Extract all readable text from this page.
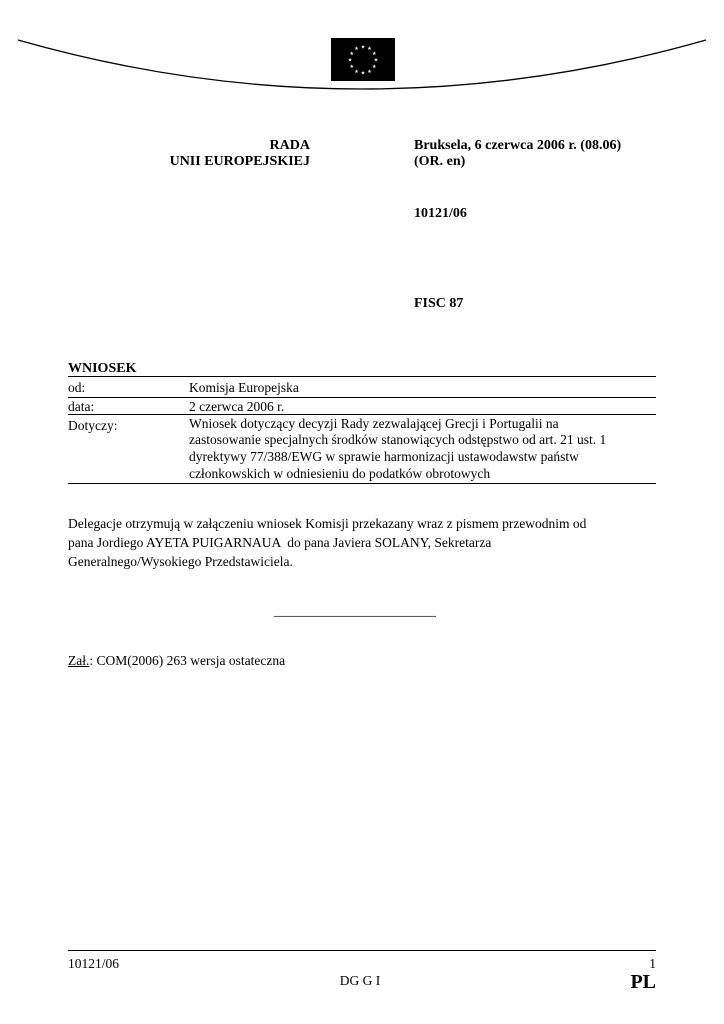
★ ★
★
★
★
★
★
★
★
★
★
★
RADA
UNII EUROPEJSKIEJ
Bruksela, 6 czerwca 2006 r. (08.06)
(OR. en)
10121/06
FISC 87
WNIOSEK
od:	Komisja Europejska
data:	2 czerwca 2006 r.
Dotyczy:	Wniosek dotyczący decyzji Rady zezwalającej Grecji i Portugalii na
zastosowanie specjalnych środków stanowiących odstępstwo od art. 21 ust. 1
dyrektywy 77/388/EWG w sprawie harmonizacji ustawodawstw państw
członkowskich w odniesieniu do podatków obrotowych
Delegacje otrzymują w załączeniu wniosek Komisji przekazany wraz z pismem przewodnim od
pana Jordiego AYETA PUIGARNAUA  do pana Javiera SOLANY, Sekretarza
Generalnego/Wysokiego Przedstawiciela.
________________________
Zał.: COM(2006) 263 wersja ostateczna
10121/06	1
DG G I	PL
